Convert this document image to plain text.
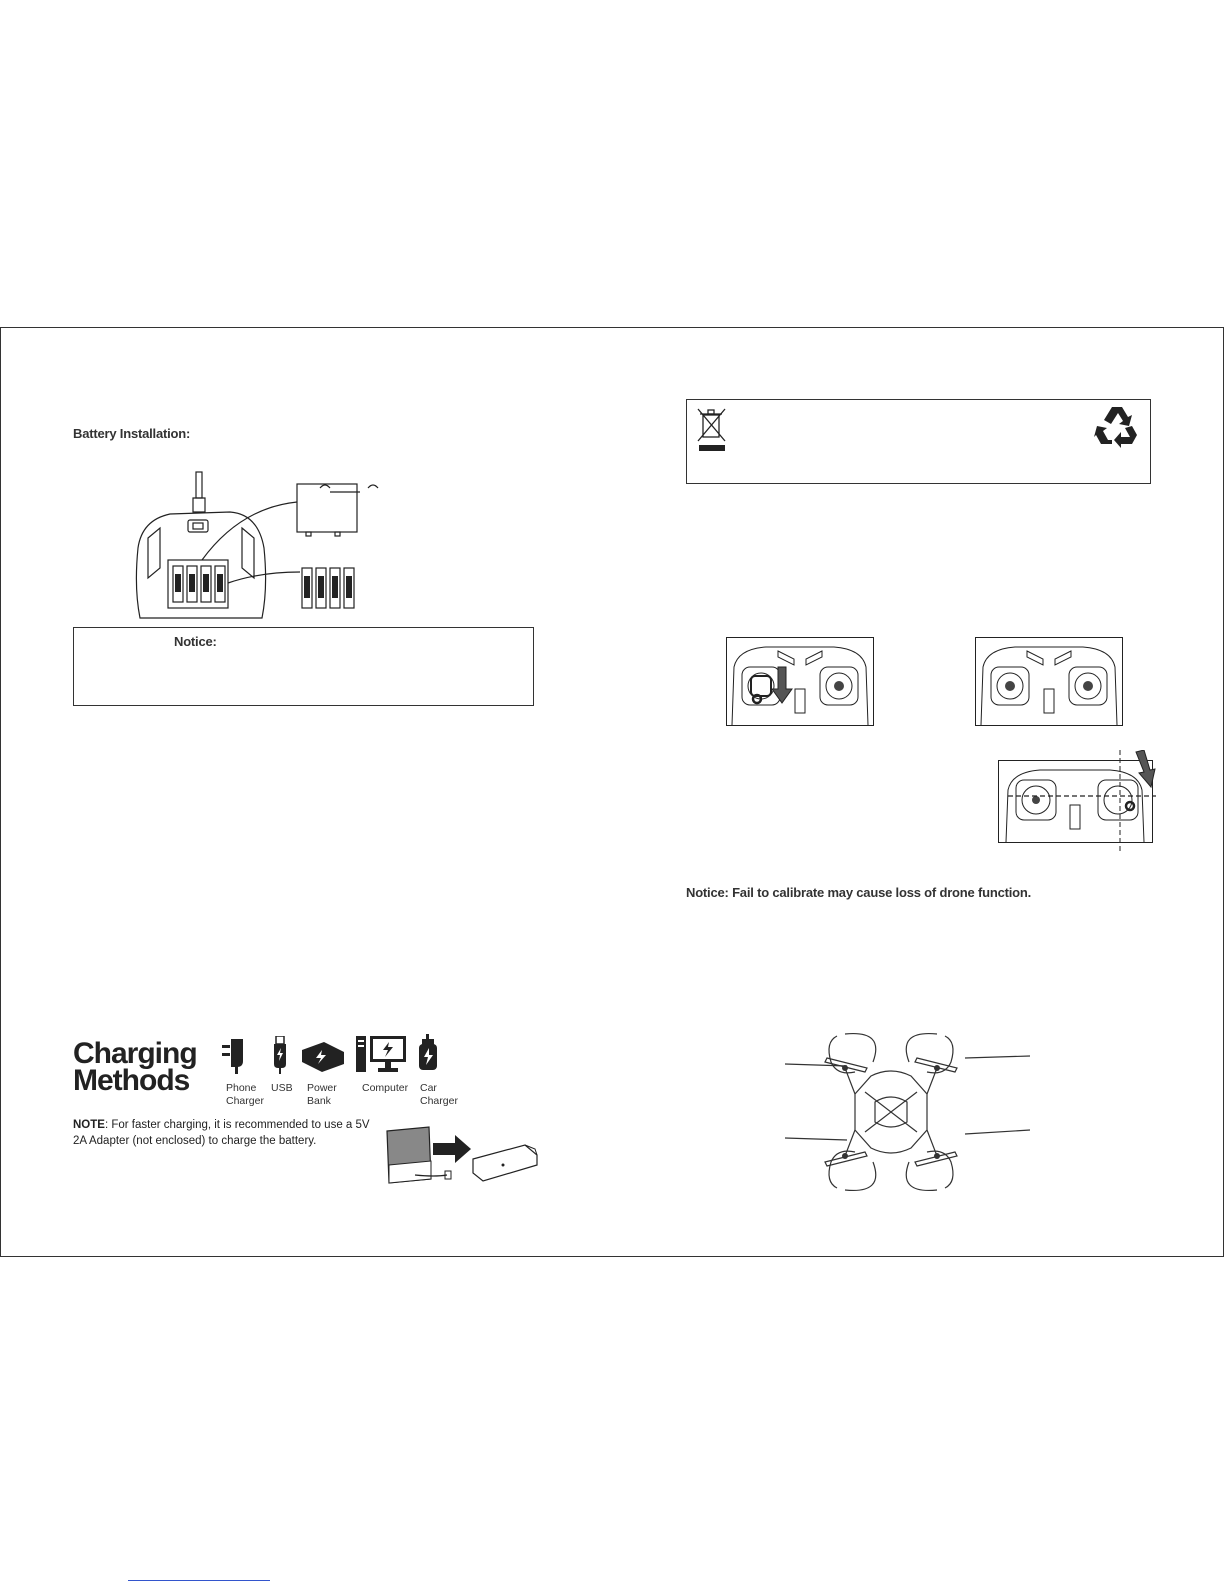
Battery Installation:
Notice:
Charging
Methods	Phone
Charger
USB Power
Bank
Computer Car
Charger
NOTE: For faster charging, it is recommended to use a 5V 2A Adapter (not enclosed) to charge the battery.
Notice: Fail to calibrate may cause loss of drone function.
